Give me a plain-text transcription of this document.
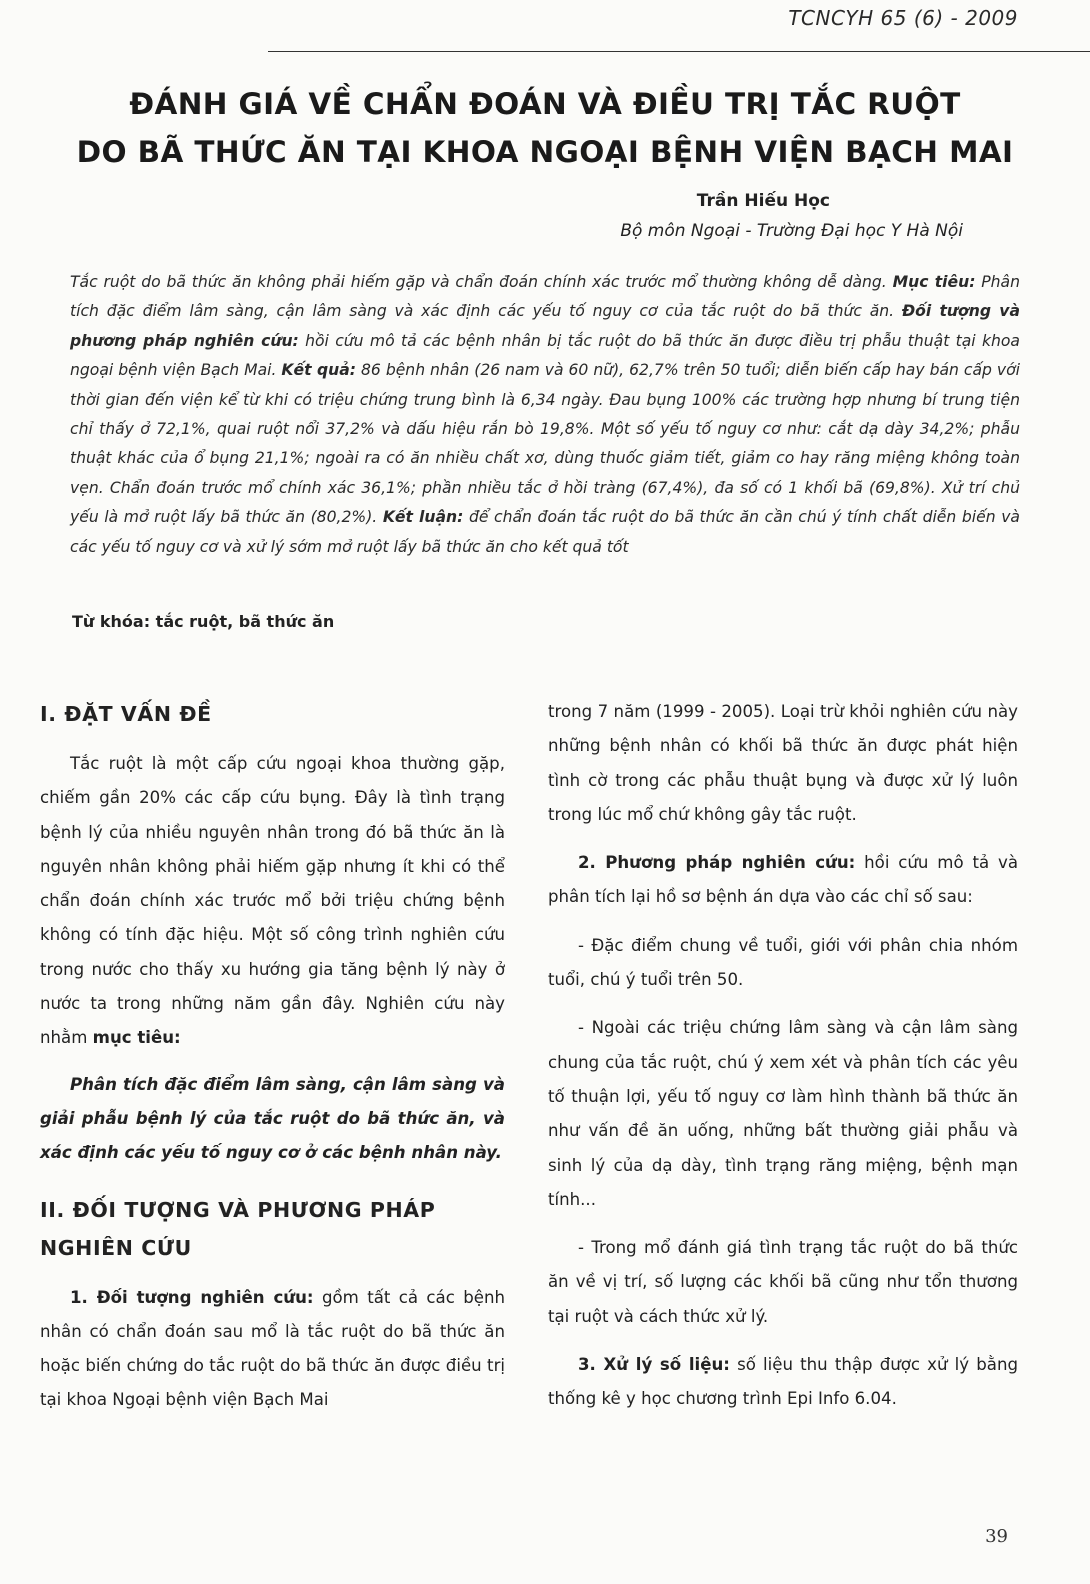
TCNCYH 65 (6) - 2009
ĐÁNH GIÁ VỀ CHẨN ĐOÁN VÀ ĐIỀU TRỊ TẮC RUỘT
DO BÃ THỨC ĂN TẠI KHOA NGOẠI BỆNH VIỆN BẠCH MAI
Trần Hiếu Học
Bộ môn Ngoại - Trường Đại học Y Hà Nội
Tắc ruột do bã thức ăn không phải hiếm gặp và chẩn đoán chính xác trước mổ thường không dễ dàng. Mục tiêu: Phân tích đặc điểm lâm sàng, cận lâm sàng và xác định các yếu tố nguy cơ của tắc ruột do bã thức ăn. Đối tượng và phương pháp nghiên cứu: hồi cứu mô tả các bệnh nhân bị tắc ruột do bã thức ăn được điều trị phẫu thuật tại khoa ngoại bệnh viện Bạch Mai. Kết quả: 86 bệnh nhân (26 nam và 60 nữ), 62,7% trên 50 tuổi; diễn biến cấp hay bán cấp với thời gian đến viện kể từ khi có triệu chứng trung bình là 6,34 ngày. Đau bụng 100% các trường hợp nhưng bí trung tiện chỉ thấy ở 72,1%, quai ruột nổi 37,2% và dấu hiệu rắn bò 19,8%. Một số yếu tố nguy cơ như: cắt dạ dày 34,2%; phẫu thuật khác của ổ bụng 21,1%; ngoài ra có ăn nhiều chất xơ, dùng thuốc giảm tiết, giảm co hay răng miệng không toàn vẹn. Chẩn đoán trước mổ chính xác 36,1%; phần nhiều tắc ở hồi tràng (67,4%), đa số có 1 khối bã (69,8%). Xử trí chủ yếu là mở ruột lấy bã thức ăn (80,2%). Kết luận: để chẩn đoán tắc ruột do bã thức ăn cần chú ý tính chất diễn biến và các yếu tố nguy cơ và xử lý sớm mở ruột lấy bã thức ăn cho kết quả tốt
Từ khóa: tắc ruột, bã thức ăn

I. ĐẶT VẤN ĐỀ

Tắc ruột là một cấp cứu ngoại khoa thường gặp, chiếm gần 20% các cấp cứu bụng. Đây là tình trạng bệnh lý của nhiều nguyên nhân trong đó bã thức ăn là nguyên nhân không phải hiếm gặp nhưng ít khi có thể chẩn đoán chính xác trước mổ bởi triệu chứng bệnh không có tính đặc hiệu. Một số công trình nghiên cứu trong nước cho thấy xu hướng gia tăng bệnh lý này ở nước ta trong những năm gần đây. Nghiên cứu này nhằm mục tiêu:

Phân tích đặc điểm lâm sàng, cận lâm sàng và giải phẫu bệnh lý của tắc ruột do bã thức ăn, và xác định các yếu tố nguy cơ ở các bệnh nhân này.

II. ĐỐI TƯỢNG VÀ PHƯƠNG PHÁP NGHIÊN CỨU

1. Đối tượng nghiên cứu: gồm tất cả các bệnh nhân có chẩn đoán sau mổ là tắc ruột do bã thức ăn hoặc biến chứng do tắc ruột do bã thức ăn được điều trị tại khoa Ngoại bệnh viện Bạch Mai

trong 7 năm (1999 - 2005). Loại trừ khỏi nghiên cứu này những bệnh nhân có khối bã thức ăn được phát hiện tình cờ trong các phẫu thuật bụng và được xử lý luôn trong lúc mổ chứ không gây tắc ruột.

2. Phương pháp nghiên cứu: hồi cứu mô tả và phân tích lại hồ sơ bệnh án dựa vào các chỉ số sau:

- Đặc điểm chung về tuổi, giới với phân chia nhóm tuổi, chú ý tuổi trên 50.

- Ngoài các triệu chứng lâm sàng và cận lâm sàng chung của tắc ruột, chú ý xem xét và phân tích các yêu tố thuận lợi, yếu tố nguy cơ làm hình thành bã thức ăn như vấn đề ăn uống, những bất thường giải phẫu và sinh lý của dạ dày, tình trạng răng miệng, bệnh mạn tính...

- Trong mổ đánh giá tình trạng tắc ruột do bã thức ăn về vị trí, số lượng các khối bã cũng như tổn thương tại ruột và cách thức xử lý.

3. Xử lý số liệu: số liệu thu thập được xử lý bằng thống kê y học chương trình Epi Info 6.04.

39
